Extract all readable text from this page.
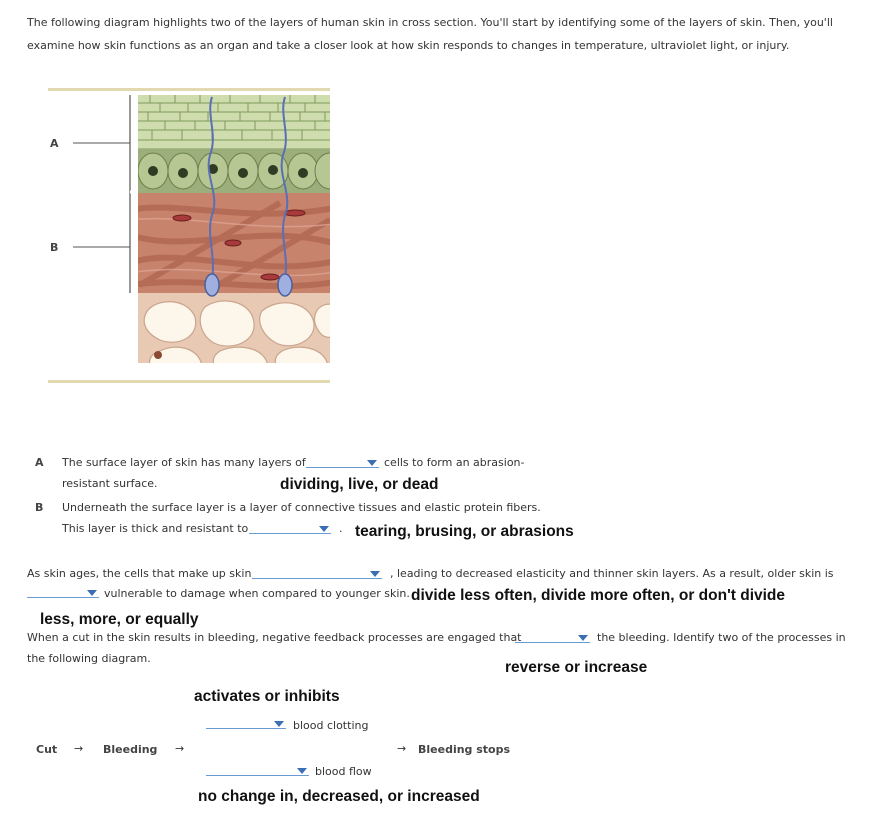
The following diagram highlights two of the layers of human skin in cross section. You'll start by identifying some of the layers of skin. Then, you'll
examine how skin functions as an organ and take a closer look at how skin responds to changes in temperature, ultraviolet light, or injury.
A
B
A The surface layer of skin has many layers of	cells to form an abrasion-
resistant surface.	dividing, live, or dead
B Underneath the surface layer is a layer of connective tissues and elastic protein fibers.
This layer is thick and resistant to	. tearing, brusing, or abrasions
As skin ages, the cells that make up skin	, leading to decreased elasticity and thinner skin layers. As a result, older skin is
vulnerable to damage when compared to younger skin. divide less often, divide more often, or don't divide
less, more, or equally
When a cut in the skin results in bleeding, negative feedback processes are engaged that	the bleeding. Identify two of the processes in
the following diagram.
reverse or increase
activates or inhibits
blood clotting
Cut → Bleeding →	→ Bleeding stops
blood flow
no change in, decreased, or increased
